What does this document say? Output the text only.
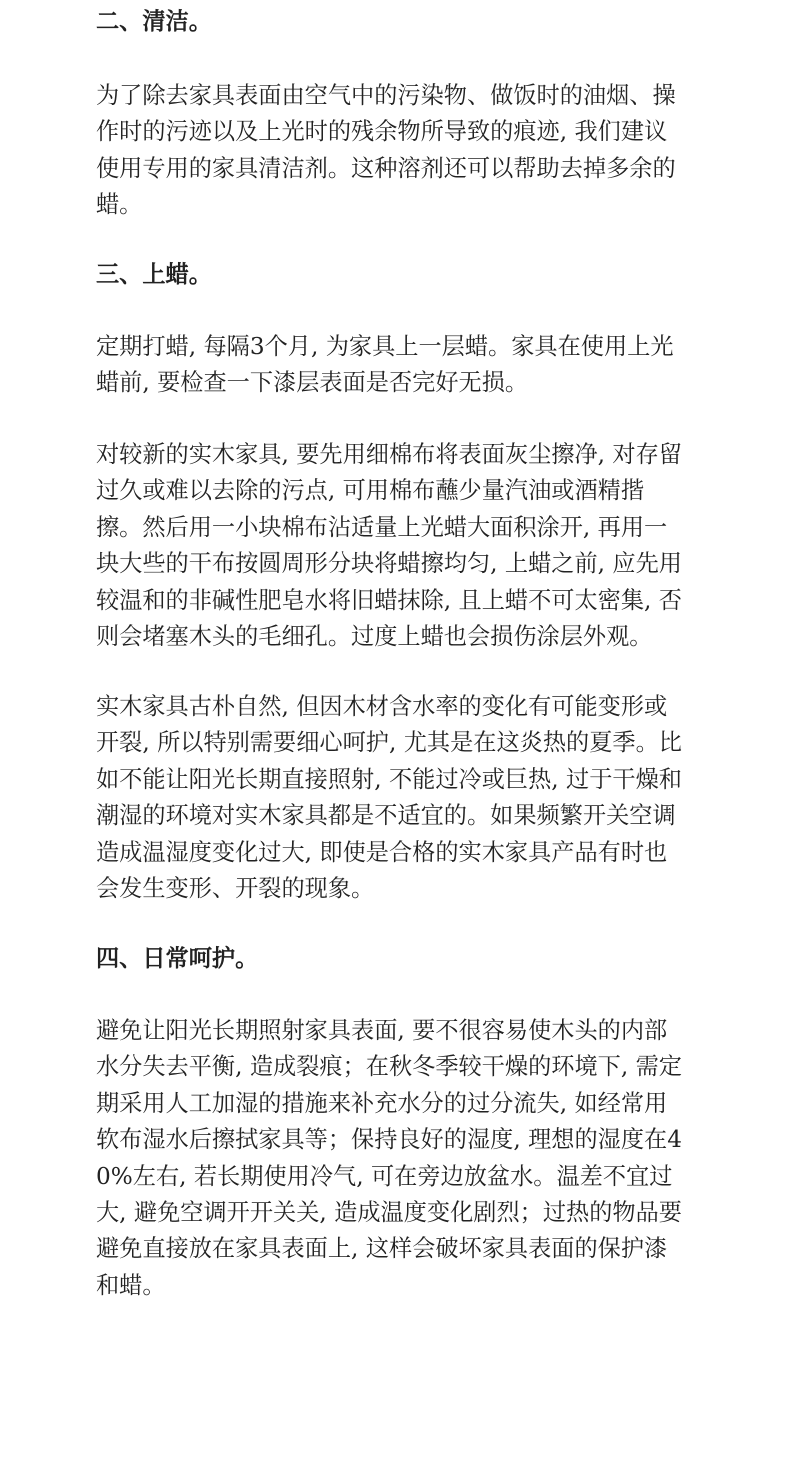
二、清洁。

为了除去家具表面由空气中的污染物、做饭时的油烟、操作时的污迹以及上光时的残余物所导致的痕迹, 我们建议使用专用的家具清洁剂。这种溶剂还可以帮助去掉多余的蜡。

三、上蜡。

定期打蜡, 每隔3个月, 为家具上一层蜡。家具在使用上光蜡前, 要检查一下漆层表面是否完好无损。

对较新的实木家具, 要先用细棉布将表面灰尘擦净, 对存留过久或难以去除的污点, 可用棉布蘸少量汽油或酒精揩擦。然后用一小块棉布沾适量上光蜡大面积涂开, 再用一块大些的干布按圆周形分块将蜡擦均匀, 上蜡之前, 应先用较温和的非碱性肥皂水将旧蜡抹除, 且上蜡不可太密集, 否则会堵塞木头的毛细孔。过度上蜡也会损伤涂层外观。

实木家具古朴自然, 但因木材含水率的变化有可能变形或开裂, 所以特别需要细心呵护, 尤其是在这炎热的夏季。比如不能让阳光长期直接照射, 不能过冷或巨热, 过于干燥和潮湿的环境对实木家具都是不适宜的。如果频繁开关空调造成温湿度变化过大, 即使是合格的实木家具产品有时也会发生变形、开裂的现象。

四、日常呵护。

避免让阳光长期照射家具表面, 要不很容易使木头的内部水分失去平衡, 造成裂痕；在秋冬季较干燥的环境下, 需定期采用人工加湿的措施来补充水分的过分流失, 如经常用软布湿水后擦拭家具等；保持良好的湿度, 理想的湿度在40%左右, 若长期使用冷气, 可在旁边放盆水。温差不宜过大, 避免空调开开关关, 造成温度变化剧烈；过热的物品要避免直接放在家具表面上, 这样会破坏家具表面的保护漆和蜡。
